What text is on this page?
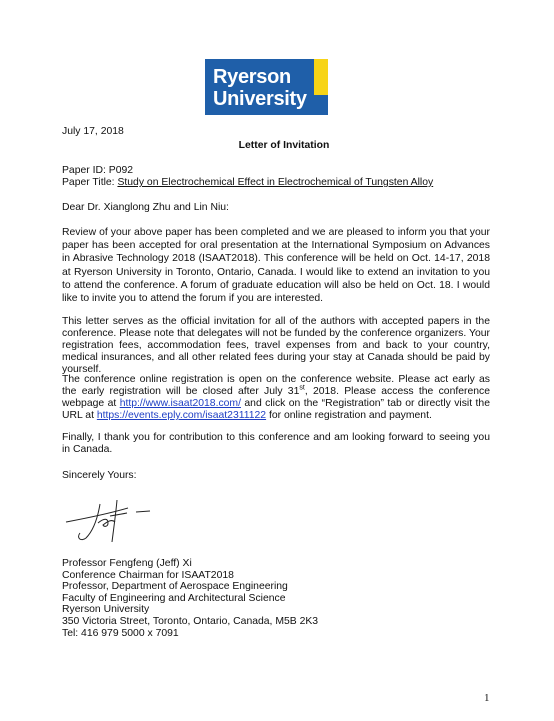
Ryerson
University
July 17, 2018
Letter of Invitation
Paper ID: P092
Paper Title: Study on Electrochemical Effect in Electrochemical of Tungsten Alloy
Dear Dr. Xianglong Zhu and Lin Niu:
Review of your above paper has been completed and we are pleased to inform you that your paper has been accepted for oral presentation at the International Symposium on Advances in Abrasive Technology 2018 (ISAAT2018). This conference will be held on Oct. 14-17, 2018 at Ryerson University in Toronto, Ontario, Canada. I would like to extend an invitation to you to attend the conference. A forum of graduate education will also be held on Oct. 18. I would like to invite you to attend the forum if you are interested.
This letter serves as the official invitation for all of the authors with accepted papers in the conference. Please note that delegates will not be funded by the conference organizers. Your registration fees, accommodation fees, travel expenses from and back to your country, medical insurances, and all other related fees during your stay at Canada should be paid by yourself.
The conference online registration is open on the conference website. Please act early as the early registration will be closed after July 31st, 2018. Please access the conference webpage at http://www.isaat2018.com/ and click on the “Registration” tab or directly visit the URL at https://events.eply.com/isaat2311122 for online registration and payment.
Finally, I thank you for contribution to this conference and am looking forward to seeing you in Canada.
Sincerely Yours:
Professor Fengfeng (Jeff) Xi
Conference Chairman for ISAAT2018
Professor, Department of Aerospace Engineering
Faculty of Engineering and Architectural Science
Ryerson University
350 Victoria Street, Toronto, Ontario, Canada, M5B 2K3
Tel: 416 979 5000 x 7091
1
